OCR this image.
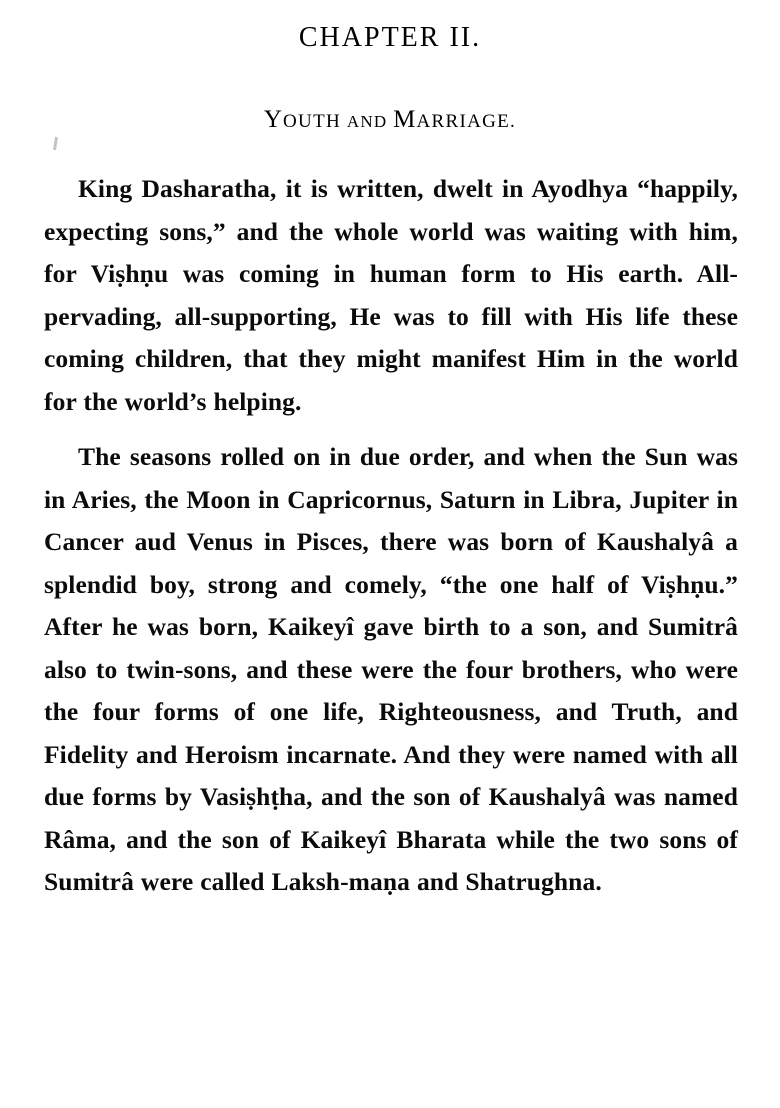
CHAPTER II.
YOUTH AND MARRIAGE.

King Dasharatha, it is written, dwelt in Ayodhya “happily, expecting sons,” and the whole world was waiting with him, for Viṣhṇu was coming in human form to His earth. All-pervading, all-supporting, He was to fill with His life these coming children, that they might manifest Him in the world for the world’s helping.

The seasons rolled on in due order, and when the Sun was in Aries, the Moon in Capricornus, Saturn in Libra, Jupiter in Cancer aud Venus in Pisces, there was born of Kaushalyâ a splendid boy, strong and comely, “the one half of Viṣhṇu.” After he was born, Kaikeyî gave birth to a son, and Sumitrâ also to twin-sons, and these were the four brothers, who were the four forms of one life, Righteousness, and Truth, and Fidelity and Heroism incarnate. And they were named with all due forms by Vasiṣhṭha, and the son of Kaushalyâ was named Râma, and the son of Kaikeyî Bharata while the two sons of Sumitrâ were called Laksh‑maṇa and Shatrughna.
